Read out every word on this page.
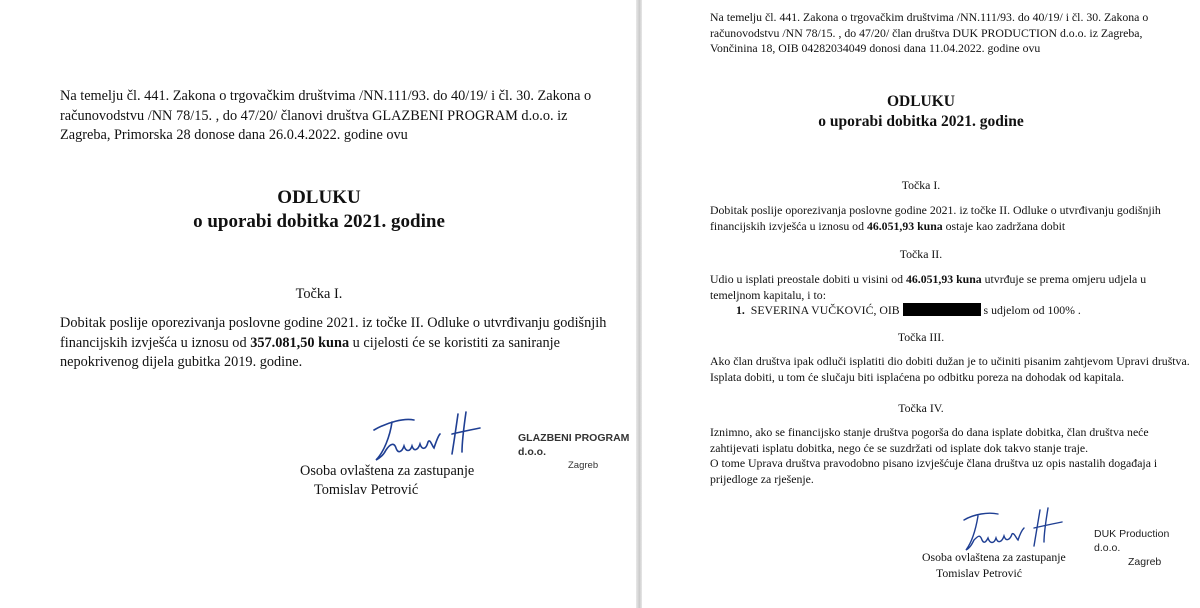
Na temelju čl. 441. Zakona o trgovačkim društvima /NN.111/93. do 40/19/ i čl. 30. Zakona o računovodstvu /NN 78/15. , do 47/20/ članovi društva GLAZBENI PROGRAM d.o.o. iz Zagreba, Primorska 28 donose dana 26.0.4.2022. godine ovu
ODLUKU
o uporabi dobitka 2021. godine
Točka I.
Dobitak poslije oporezivanja poslovne godine 2021. iz točke II. Odluke o utvrđivanju godišnjih financijskih izvješća u iznosu od 357.081,50 kuna u cijelosti će se koristiti za saniranje nepokrivenog dijela gubitka 2019. godine.
GLAZBENI PROGRAM d.o.o.
Zagreb
Osoba ovlaštena za zastupanje
Tomislav Petrović
Na temelju čl. 441. Zakona o trgovačkim društvima /NN.111/93. do 40/19/ i čl. 30. Zakona o računovodstvu /NN 78/15. , do 47/20/ član društva DUK PRODUCTION d.o.o. iz Zagreba, Vončinina 18, OIB 04282034049 donosi dana 11.04.2022. godine ovu
ODLUKU
o uporabi dobitka 2021. godine
Točka I.
Dobitak poslije oporezivanja poslovne godine 2021. iz točke II. Odluke o utvrđivanju godišnjih financijskih izvješća u iznosu od 46.051,93 kuna ostaje kao zadržana dobit
Točka II.
Udio u isplati preostale dobiti u visini od 46.051,93 kuna utvrđuje se prema omjeru udjela u temeljnom kapitalu, i to:
1. SEVERINA VUČKOVIĆ, OIB	s udjelom od 100% .
Točka III.
Ako član društva ipak odluči isplatiti dio dobiti dužan je to učiniti pisanim zahtjevom Upravi društva. Isplata dobiti, u tom će slučaju biti isplaćena po odbitku poreza na dohodak od kapitala.
Točka IV.
Iznimno, ako se financijsko stanje društva pogorša do dana isplate dobitka, član društva neće zahtijevati isplatu dobitka, nego će se suzdržati od isplate dok takvo stanje traje.
O tome Uprava društva pravodobno pisano izvješćuje člana društva uz opis nastalih događaja i prijedloge za rješenje.
DUK Production d.o.o.
Zagreb
Osoba ovlaštena za zastupanje
Tomislav Petrović
